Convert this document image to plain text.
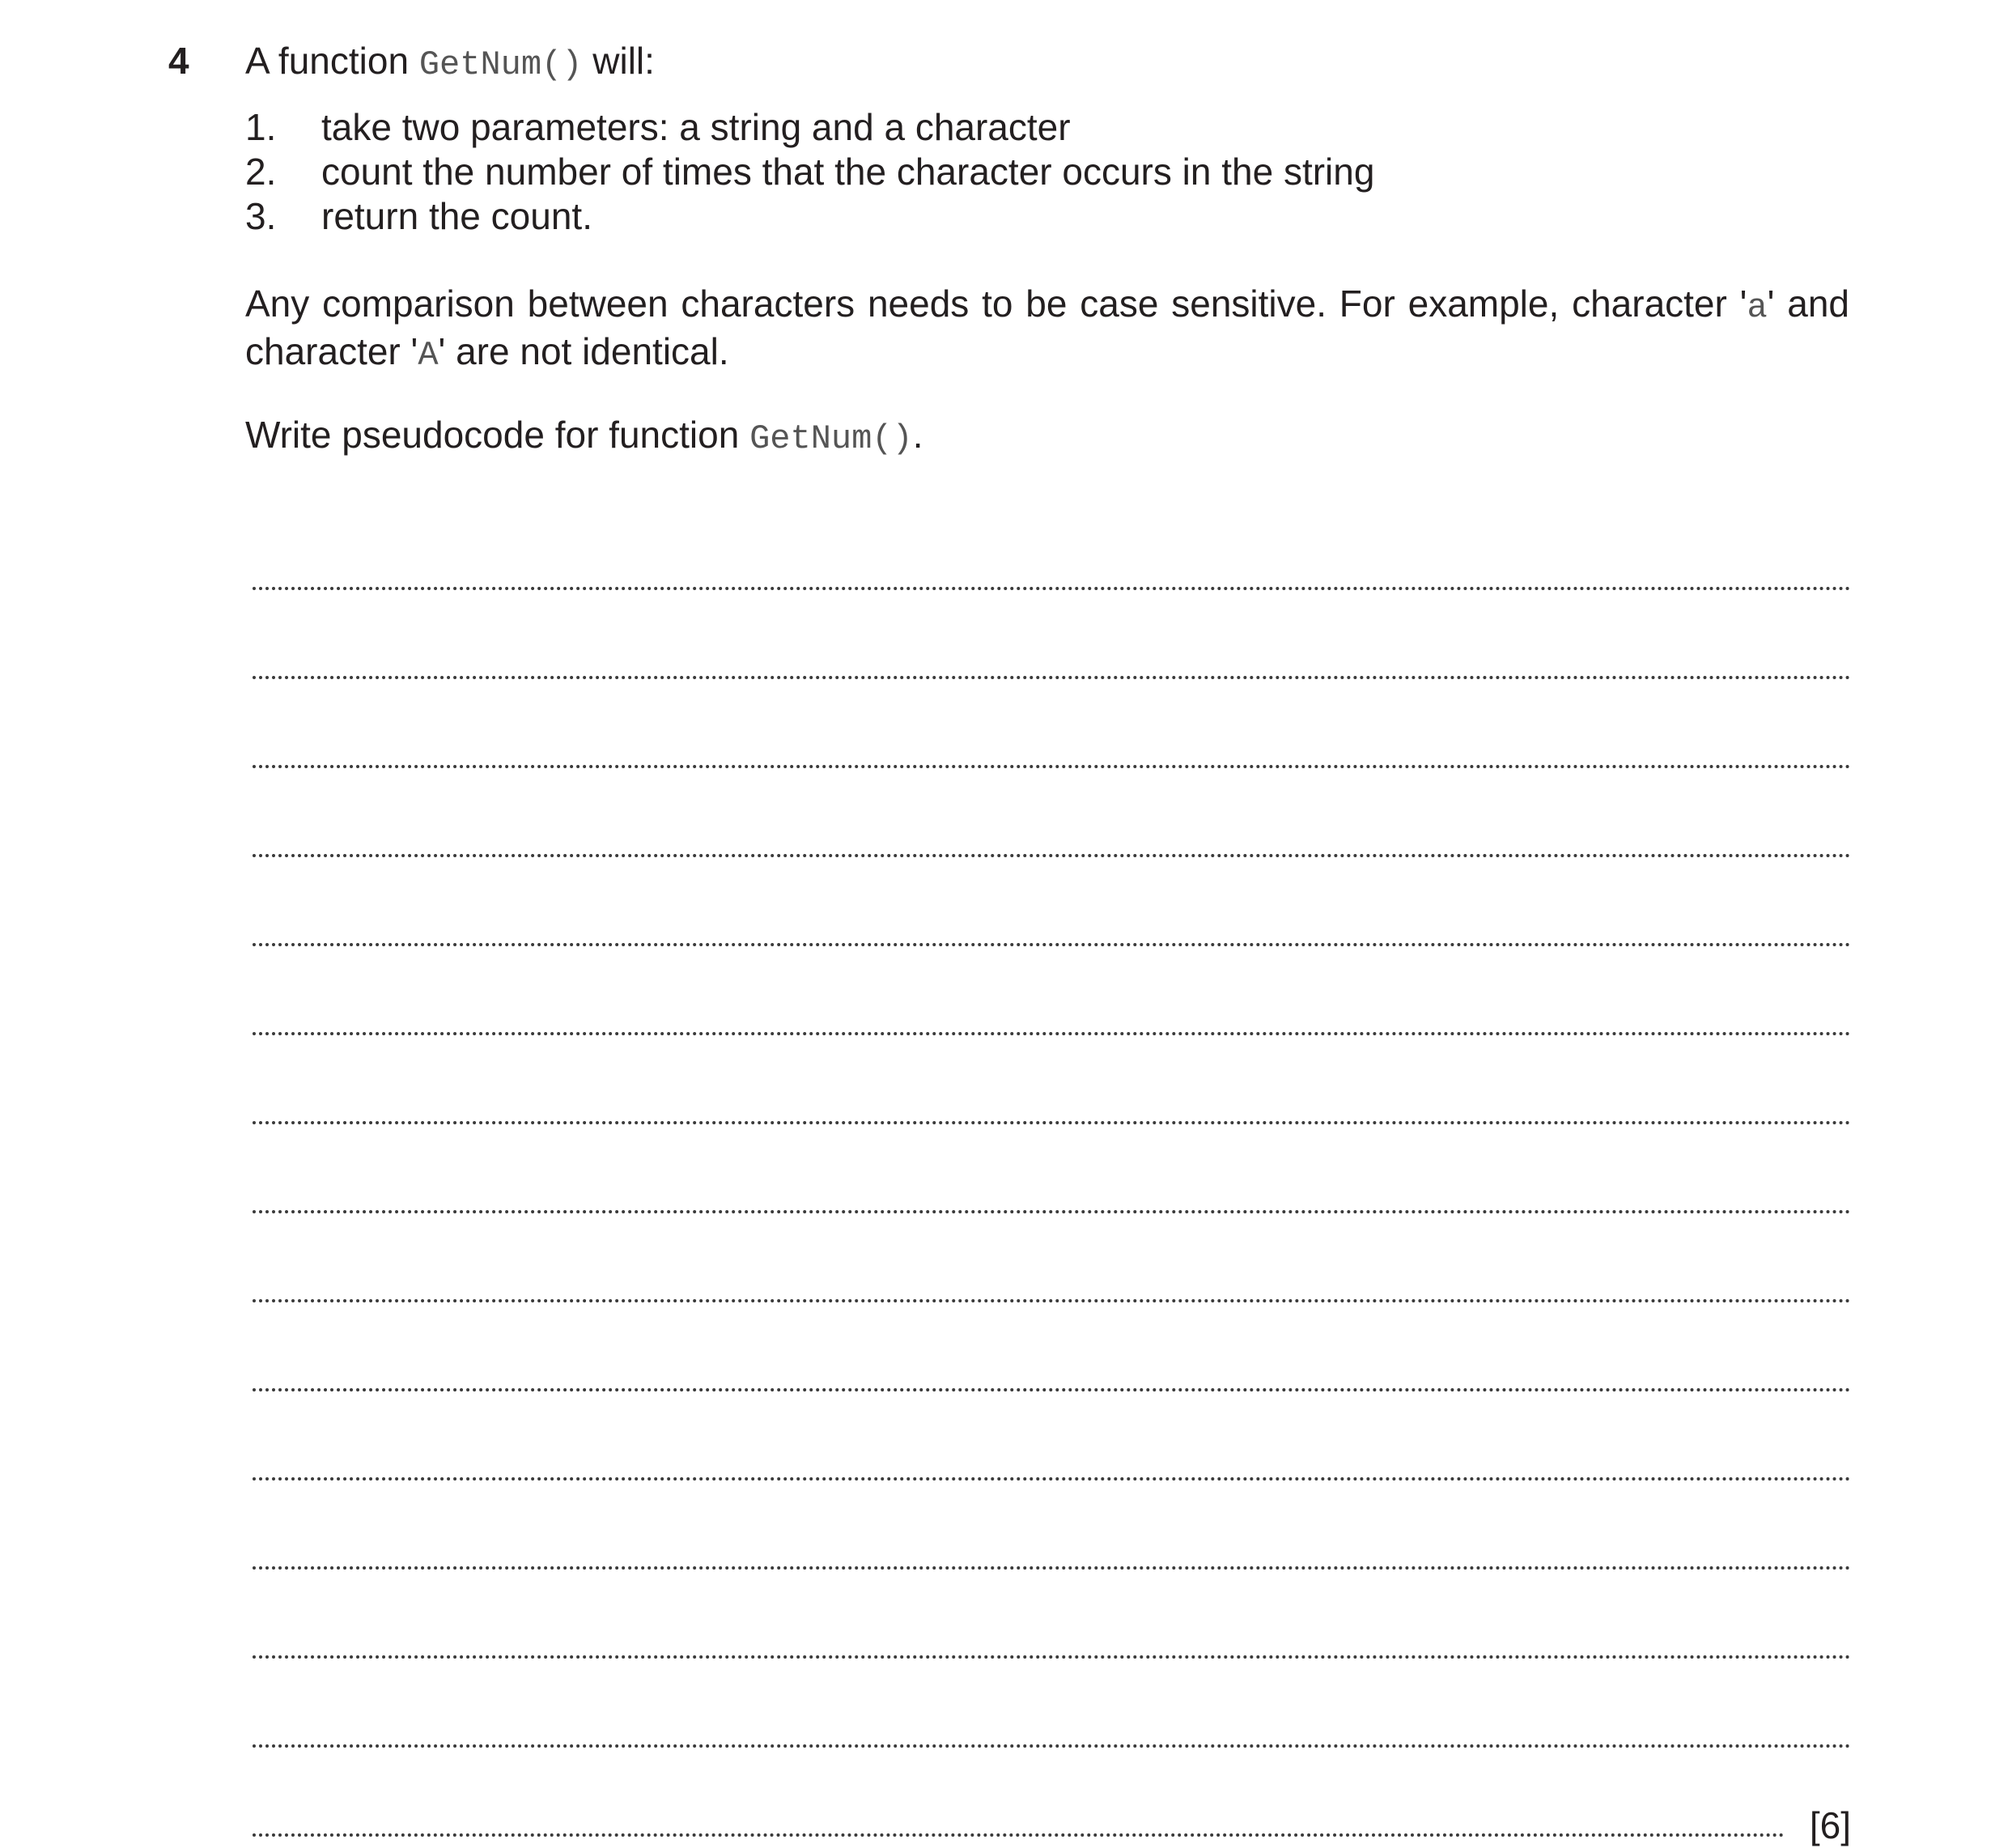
4 A function GetNum() will:
1. take two parameters: a string and a character
2. count the number of times that the character occurs in the string
3. return the count.
Any comparison between characters needs to be case sensitive. For example, character 'a' and character 'A' are not identical.
Write pseudocode for function GetNum().
[6]
